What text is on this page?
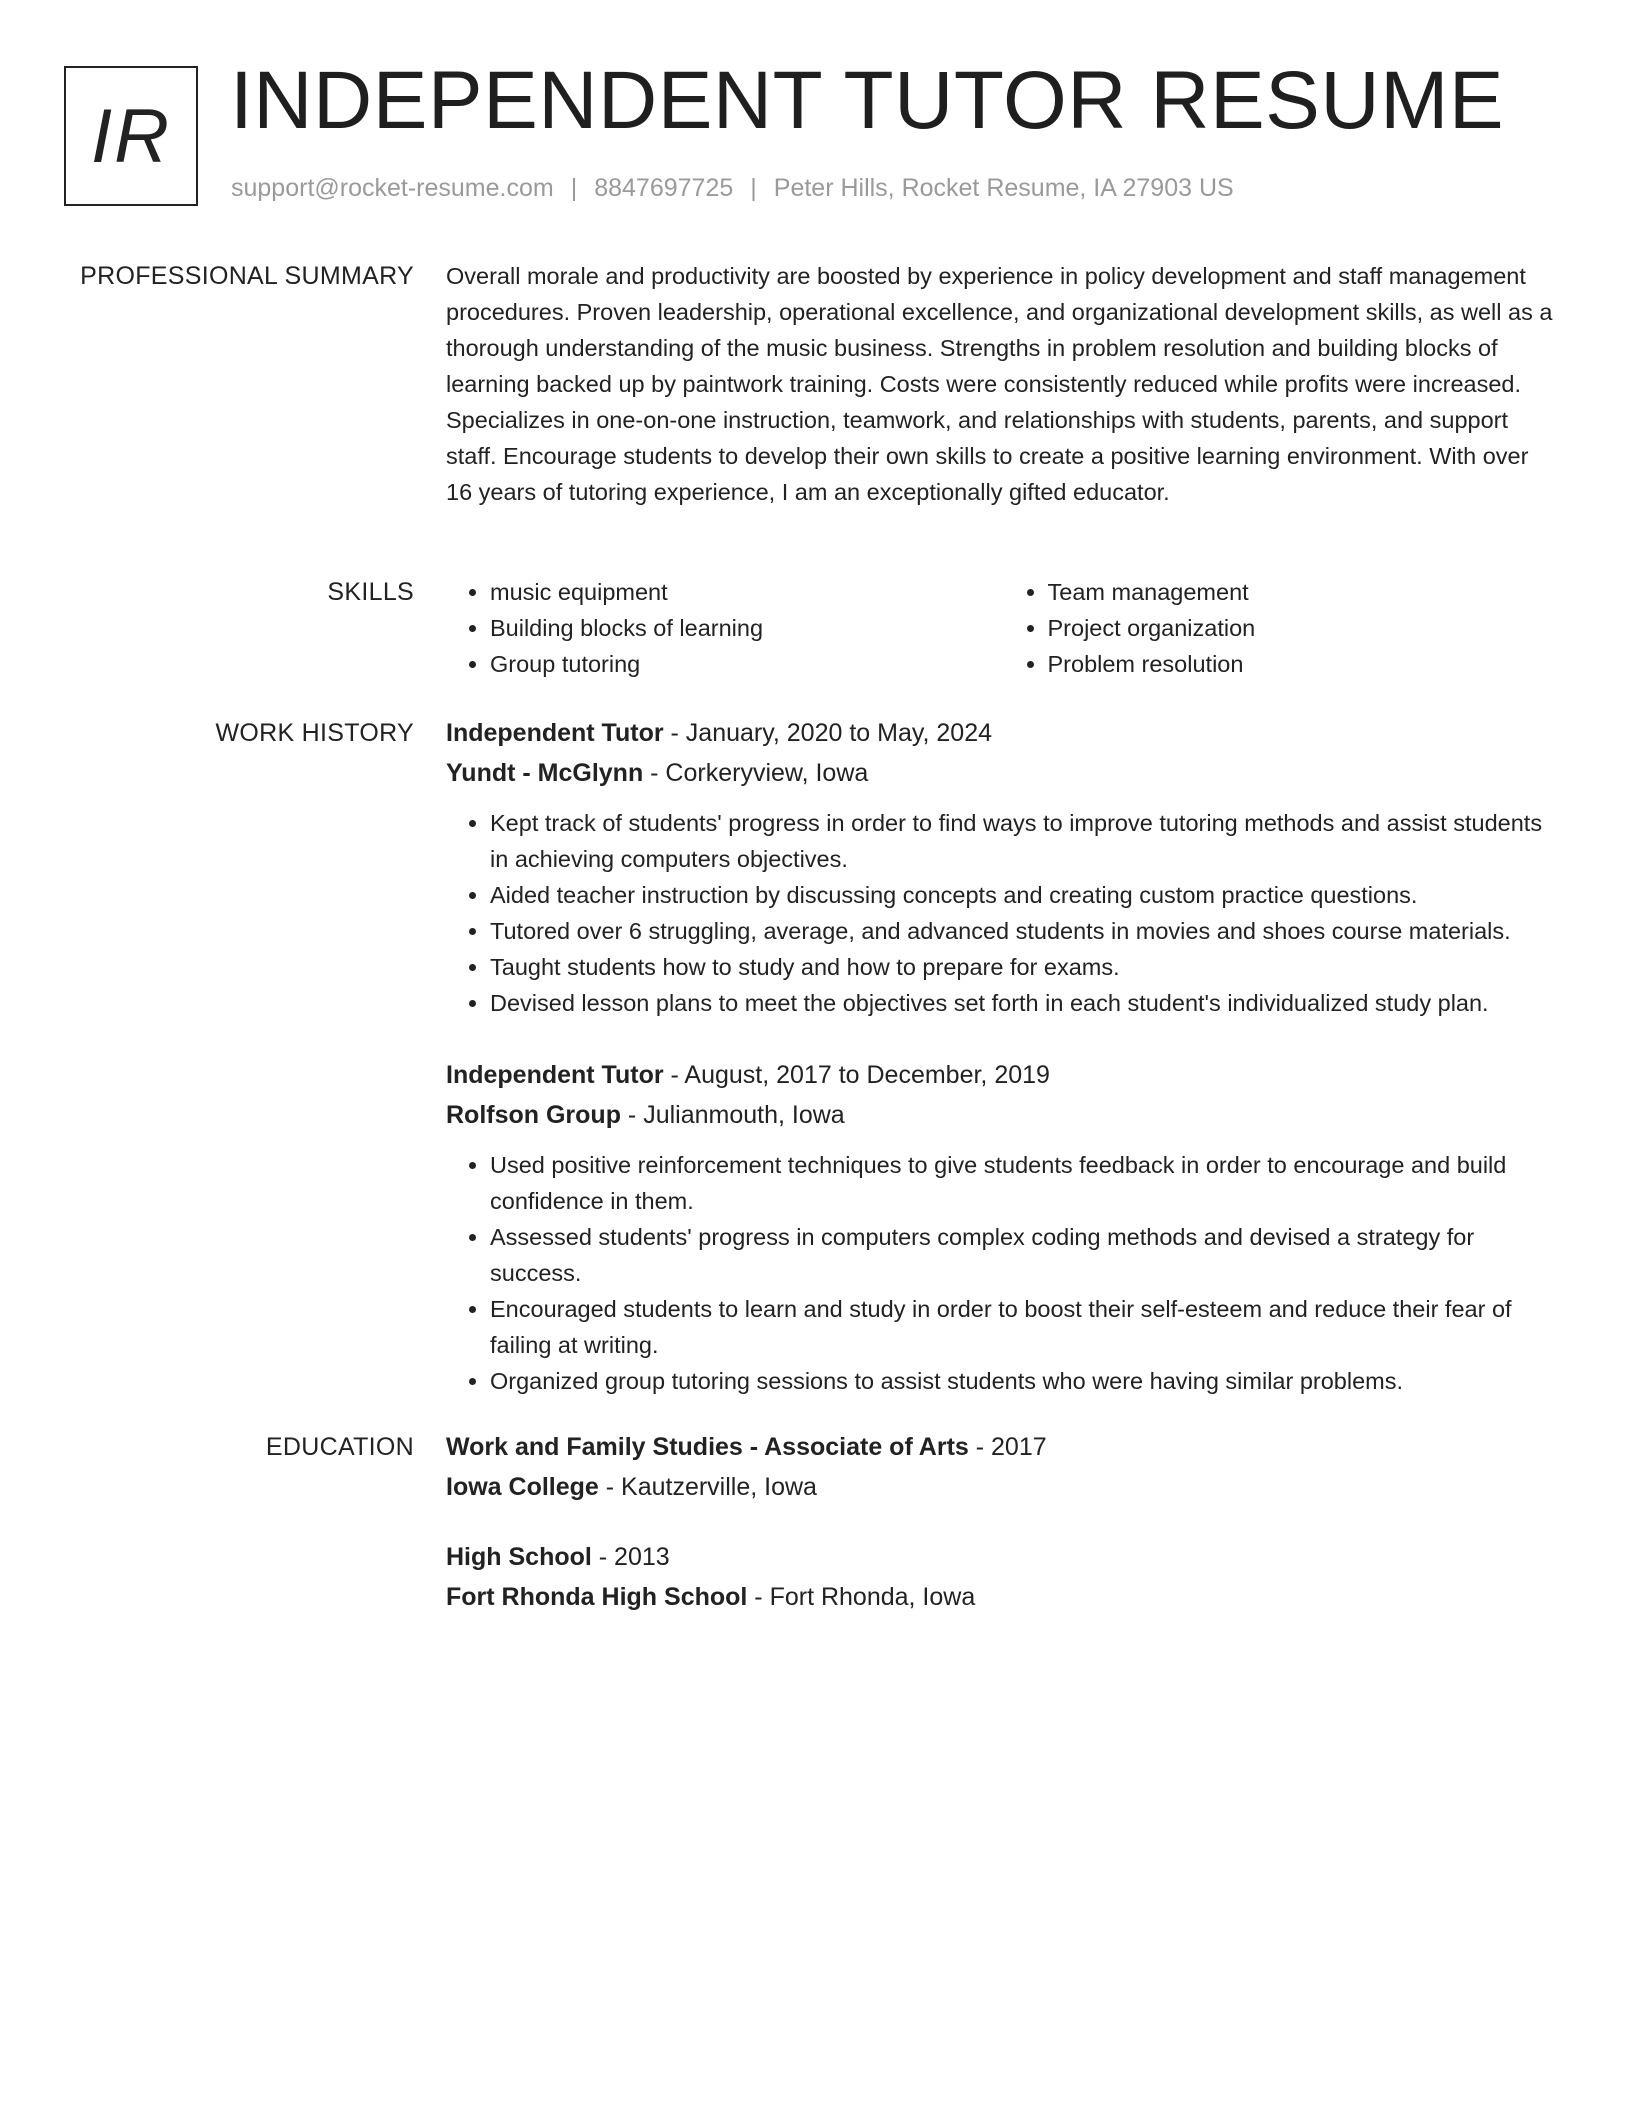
IR INDEPENDENT TUTOR RESUME
support@rocket-resume.com | 8847697725 | Peter Hills, Rocket Resume, IA 27903 US
PROFESSIONAL SUMMARY Overall morale and productivity are boosted by experience in policy development and staff management procedures. Proven leadership, operational excellence, and organizational development skills, as well as a thorough understanding of the music business. Strengths in problem resolution and building blocks of learning backed up by paintwork training. Costs were consistently reduced while profits were increased. Specializes in one-on-one instruction, teamwork, and relationships with students, parents, and support staff. Encourage students to develop their own skills to create a positive learning environment. With over 16 years of tutoring experience, I am an exceptionally gifted educator.

SKILLS
•	music equipment
• Building blocks of learning
• Group tutoring
• Team management
• Project organization
• Problem resolution
WORK HISTORY Independent Tutor - January, 2020 to May, 2024

Yundt - McGlynn - Corkeryview, Iowa

• Kept track of students' progress in order to find ways to improve tutoring methods and assist students in achieving computers objectives.
• Aided teacher instruction by discussing concepts and creating custom practice questions.
• Tutored over 6 struggling, average, and advanced students in movies and shoes course materials.
• Taught students how to study and how to prepare for exams.
• Devised lesson plans to meet the objectives set forth in each student's individualized study plan.

Independent Tutor - August, 2017 to December, 2019

Rolfson Group - Julianmouth, Iowa

• Used positive reinforcement techniques to give students feedback in order to encourage and build confidence in them.
• Assessed students' progress in computers complex coding methods and devised a strategy for success.
• Encouraged students to learn and study in order to boost their self-esteem and reduce their fear of failing at writing.
• Organized group tutoring sessions to assist students who were having similar problems.
EDUCATION Work and Family Studies - Associate of Arts - 2017

Iowa College - Kautzerville, Iowa

High School - 2013

Fort Rhonda High School - Fort Rhonda, Iowa
